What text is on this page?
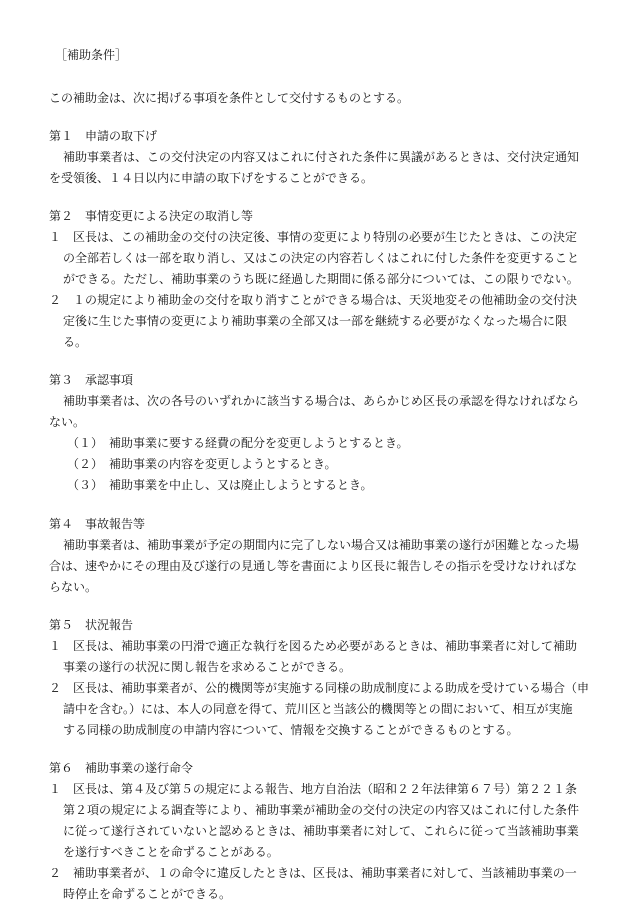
［補助条件］
この補助金は、次に掲げる事項を条件として交付するものとする。
第１　申請の取下げ
補助事業者は、この交付決定の内容又はこれに付された条件に異議があるときは、交付決定通知
を受領後、１４日以内に申請の取下げをすることができる。
第２　事情変更による決定の取消し等
１　区長は、この補助金の交付の決定後、事情の変更により特別の必要が生じたときは、この決定
の全部若しくは一部を取り消し、又はこの決定の内容若しくはこれに付した条件を変更すること
ができる。ただし、補助事業のうち既に経過した期間に係る部分については、この限りでない。
２　１の規定により補助金の交付を取り消すことができる場合は、天災地変その他補助金の交付決
定後に生じた事情の変更により補助事業の全部又は一部を継続する必要がなくなった場合に限
る。
第３　承認事項
補助事業者は、次の各号のいずれかに該当する場合は、あらかじめ区長の承認を得なければなら
ない。
（１）　補助事業に要する経費の配分を変更しようとするとき。
（２）　補助事業の内容を変更しようとするとき。
（３）　補助事業を中止し、又は廃止しようとするとき。
第４　事故報告等
補助事業者は、補助事業が予定の期間内に完了しない場合又は補助事業の遂行が困難となった場
合は、速やかにその理由及び遂行の見通し等を書面により区長に報告しその指示を受けなければな
らない。
第５　状況報告
１　区長は、補助事業の円滑で適正な執行を図るため必要があるときは、補助事業者に対して補助
事業の遂行の状況に関し報告を求めることができる。
２　区長は、補助事業者が、公的機関等が実施する同様の助成制度による助成を受けている場合（申
請中を含む。）には、本人の同意を得て、荒川区と当該公的機関等との間において、相互が実施
する同様の助成制度の申請内容について、情報を交換することができるものとする。
第６　補助事業の遂行命令
１　区長は、第４及び第５の規定による報告、地方自治法（昭和２２年法律第６７号）第２２１条
第２項の規定による調査等により、補助事業が補助金の交付の決定の内容又はこれに付した条件
に従って遂行されていないと認めるときは、補助事業者に対して、これらに従って当該補助事業
を遂行すべきことを命ずることがある。
２　補助事業者が、１の命令に違反したときは、区長は、補助事業者に対して、当該補助事業の一
時停止を命ずることができる。
